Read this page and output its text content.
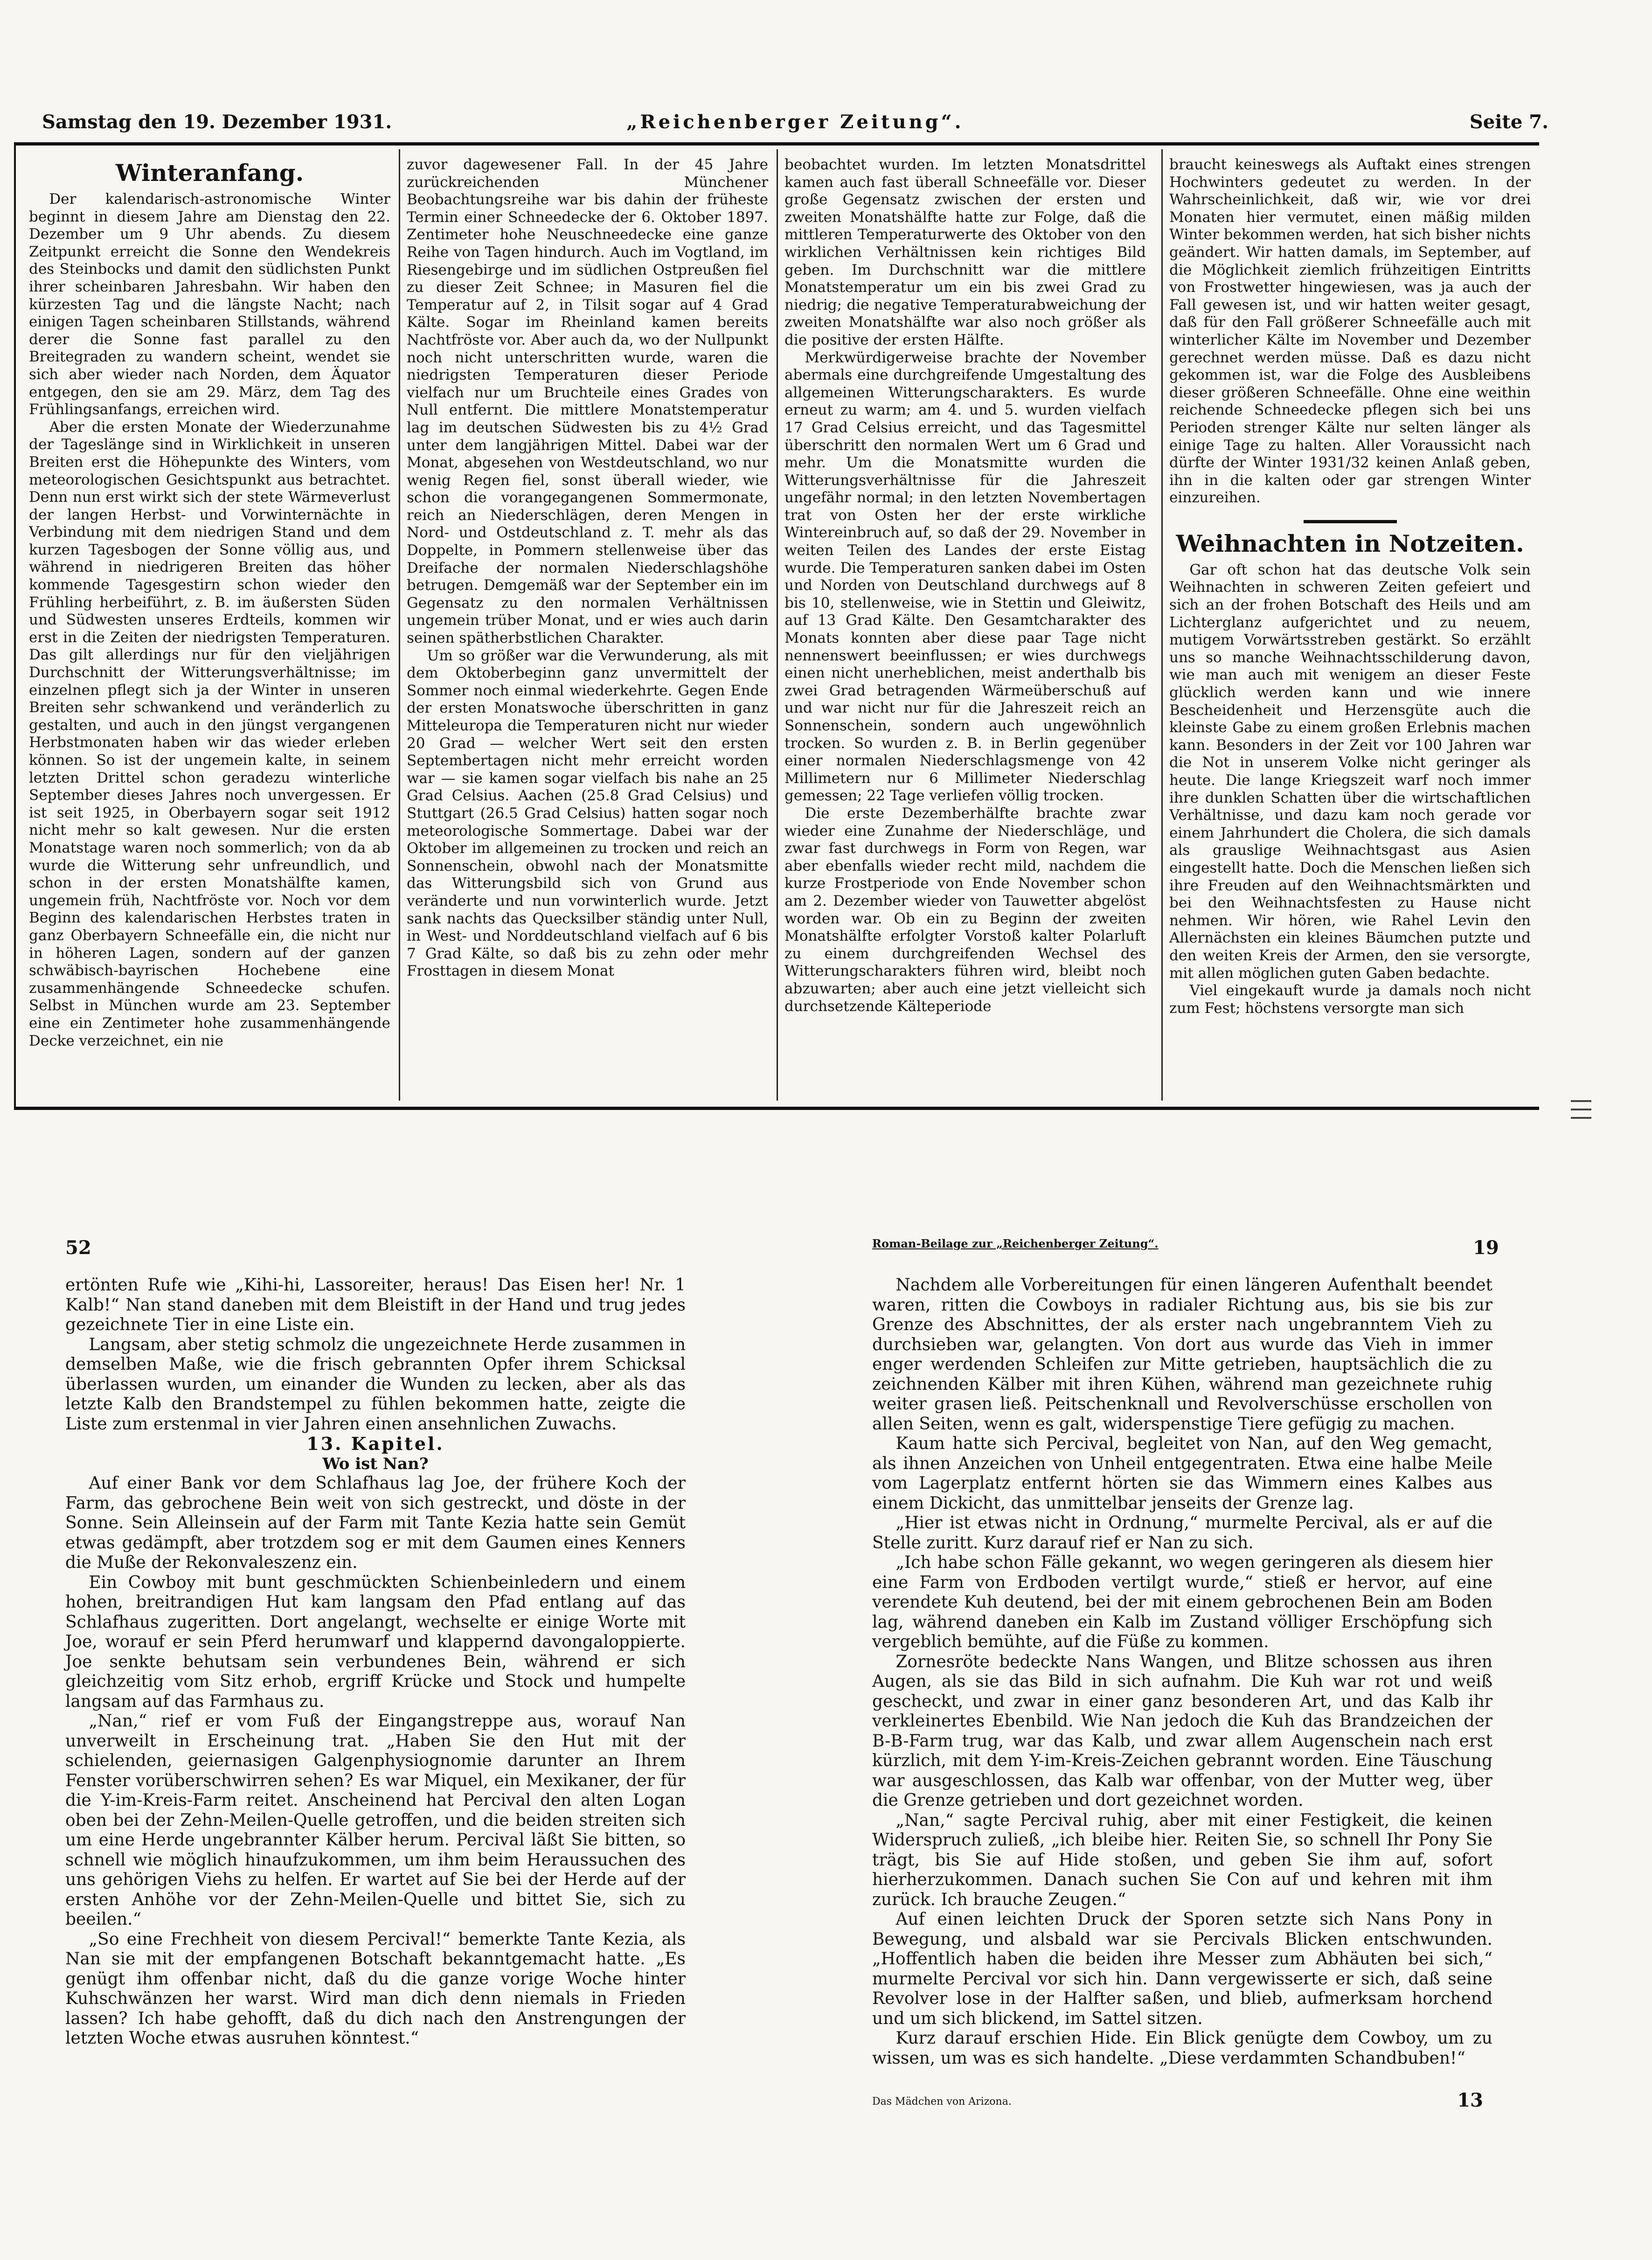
Samstag den 19. Dezember 1931.	„Reichenberger Zeitung“.	Seite 7.
Winteranfang.

Der kalendarisch-astronomische Winter beginnt in diesem Jahre am Dienstag den 22. Dezember um 9 Uhr abends. Zu diesem Zeitpunkt erreicht die Sonne den Wendekreis des Steinbocks und damit den südlichsten Punkt ihrer scheinbaren Jahresbahn. Wir haben den kürzesten Tag und die längste Nacht; nach einigen Tagen scheinbaren Stillstands, während derer die Sonne fast parallel zu den Breitegraden zu wandern scheint, wendet sie sich aber wieder nach Norden, dem Äquator entgegen, den sie am 29. März, dem Tag des Frühlingsanfangs, erreichen wird.

Aber die ersten Monate der Wiederzunahme der Tageslänge sind in Wirklichkeit in unseren Breiten erst die Höhepunkte des Winters, vom meteorologischen Gesichtspunkt aus betrachtet. Denn nun erst wirkt sich der stete Wärmeverlust der langen Herbst- und Vorwinternächte in Verbindung mit dem niedrigen Stand und dem kurzen Tagesbogen der Sonne völlig aus, und während in niedrigeren Breiten das höher kommende Tagesgestirn schon wieder den Frühling herbeiführt, z. B. im äußersten Süden und Südwesten unseres Erdteils, kommen wir erst in die Zeiten der niedrigsten Temperaturen. Das gilt allerdings nur für den vieljährigen Durchschnitt der Witterungsverhältnisse; im einzelnen pflegt sich ja der Winter in unseren Breiten sehr schwankend und veränderlich zu gestalten, und auch in den jüngst vergangenen Herbstmonaten haben wir das wieder erleben können. So ist der ungemein kalte, in seinem letzten Drittel schon geradezu winterliche September dieses Jahres noch unvergessen. Er ist seit 1925, in Oberbayern sogar seit 1912 nicht mehr so kalt gewesen. Nur die ersten Monatstage waren noch sommerlich; von da ab wurde die Witterung sehr unfreundlich, und schon in der ersten Monatshälfte kamen, ungemein früh, Nachtfröste vor. Noch vor dem Beginn des kalendarischen Herbstes traten in ganz Oberbayern Schneefälle ein, die nicht nur in höheren Lagen, sondern auf der ganzen schwäbisch-bayrischen Hochebene eine zusammenhängende Schneedecke schufen. Selbst in München wurde am 23. September eine ein Zentimeter hohe zusammenhängende Decke verzeichnet, ein nie

zuvor dagewesener Fall. In der 45 Jahre zurückreichenden Münchener Beobachtungsreihe war bis dahin der früheste Termin einer Schneedecke der 6. Oktober 1897. Zentimeter hohe Neuschneedecke eine ganze Reihe von Tagen hindurch. Auch im Vogtland, im Riesengebirge und im südlichen Ostpreußen fiel zu dieser Zeit Schnee; in Masuren fiel die Temperatur auf 2, in Tilsit sogar auf 4 Grad Kälte. Sogar im Rheinland kamen bereits Nachtfröste vor. Aber auch da, wo der Nullpunkt noch nicht unterschritten wurde, waren die niedrigsten Temperaturen dieser Periode vielfach nur um Bruchteile eines Grades von Null entfernt. Die mittlere Monatstemperatur lag im deutschen Südwesten bis zu 4½ Grad unter dem langjährigen Mittel. Dabei war der Monat, abgesehen von Westdeutschland, wo nur wenig Regen fiel, sonst überall wieder, wie schon die vorangegangenen Sommermonate, reich an Niederschlägen, deren Mengen in Nord- und Ostdeutschland z. T. mehr als das Doppelte, in Pommern stellenweise über das Dreifache der normalen Niederschlagshöhe betrugen. Demgemäß war der September ein im Gegensatz zu den normalen Verhältnissen ungemein trüber Monat, und er wies auch darin seinen spätherbstlichen Charakter.

Um so größer war die Verwunderung, als mit dem Oktoberbeginn ganz unvermittelt der Sommer noch einmal wiederkehrte. Gegen Ende der ersten Monatswoche überschritten in ganz Mitteleuropa die Temperaturen nicht nur wieder 20 Grad — welcher Wert seit den ersten Septembertagen nicht mehr erreicht worden war — sie kamen sogar vielfach bis nahe an 25 Grad Celsius. Aachen (25.8 Grad Celsius) und Stuttgart (26.5 Grad Celsius) hatten sogar noch meteorologische Sommertage. Dabei war der Oktober im allgemeinen zu trocken und reich an Sonnenschein, obwohl nach der Monatsmitte das Witterungsbild sich von Grund aus veränderte und nun vorwinterlich wurde. Jetzt sank nachts das Quecksilber ständig unter Null, in West- und Norddeutschland vielfach auf 6 bis 7 Grad Kälte, so daß bis zu zehn oder mehr Frosttagen in diesem Monat

beobachtet wurden. Im letzten Monatsdrittel kamen auch fast überall Schneefälle vor. Dieser große Gegensatz zwischen der ersten und zweiten Monatshälfte hatte zur Folge, daß die mittleren Temperaturwerte des Oktober von den wirklichen Verhältnissen kein richtiges Bild geben. Im Durchschnitt war die mittlere Monatstemperatur um ein bis zwei Grad zu niedrig; die negative Temperaturabweichung der zweiten Monatshälfte war also noch größer als die positive der ersten Hälfte.

Merkwürdigerweise brachte der November abermals eine durchgreifende Umgestaltung des allgemeinen Witterungscharakters. Es wurde erneut zu warm; am 4. und 5. wurden vielfach 17 Grad Celsius erreicht, und das Tagesmittel überschritt den normalen Wert um 6 Grad und mehr. Um die Monatsmitte wurden die Witterungsverhältnisse für die Jahreszeit ungefähr normal; in den letzten Novembertagen trat von Osten her der erste wirkliche Wintereinbruch auf, so daß der 29. November in weiten Teilen des Landes der erste Eistag wurde. Die Temperaturen sanken dabei im Osten und Norden von Deutschland durchwegs auf 8 bis 10, stellenweise, wie in Stettin und Gleiwitz, auf 13 Grad Kälte. Den Gesamtcharakter des Monats konnten aber diese paar Tage nicht nennenswert beeinflussen; er wies durchwegs einen nicht unerheblichen, meist anderthalb bis zwei Grad betragenden Wärmeüberschuß auf und war nicht nur für die Jahreszeit reich an Sonnenschein, sondern auch ungewöhnlich trocken. So wurden z. B. in Berlin gegenüber einer normalen Niederschlagsmenge von 42 Millimetern nur 6 Millimeter Niederschlag gemessen; 22 Tage verliefen völlig trocken.

Die erste Dezemberhälfte brachte zwar wieder eine Zunahme der Niederschläge, und zwar fast durchwegs in Form von Regen, war aber ebenfalls wieder recht mild, nachdem die kurze Frostperiode von Ende November schon am 2. Dezember wieder von Tauwetter abgelöst worden war. Ob ein zu Beginn der zweiten Monatshälfte erfolgter Vorstoß kalter Polarluft zu einem durchgreifenden Wechsel des Witterungscharakters führen wird, bleibt noch abzuwarten; aber auch eine jetzt vielleicht sich durchsetzende Kälteperiode

braucht keineswegs als Auftakt eines strengen Hochwinters gedeutet zu werden. In der Wahrscheinlichkeit, daß wir, wie vor drei Monaten hier vermutet, einen mäßig milden Winter bekommen werden, hat sich bisher nichts geändert. Wir hatten damals, im September, auf die Möglichkeit ziemlich frühzeitigen Eintritts von Frostwetter hingewiesen, was ja auch der Fall gewesen ist, und wir hatten weiter gesagt, daß für den Fall größerer Schneefälle auch mit winterlicher Kälte im November und Dezember gerechnet werden müsse. Daß es dazu nicht gekommen ist, war die Folge des Ausbleibens dieser größeren Schneefälle. Ohne eine weithin reichende Schneedecke pflegen sich bei uns Perioden strenger Kälte nur selten länger als einige Tage zu halten. Aller Voraussicht nach dürfte der Winter 1931/32 keinen Anlaß geben, ihn in die kalten oder gar strengen Winter einzureihen.

Weihnachten in Notzeiten.

Gar oft schon hat das deutsche Volk sein Weihnachten in schweren Zeiten gefeiert und sich an der frohen Botschaft des Heils und am Lichterglanz aufgerichtet und zu neuem, mutigem Vorwärtsstreben gestärkt. So erzählt uns so manche Weihnachtsschilderung davon, wie man auch mit wenigem an dieser Feste glücklich werden kann und wie innere Bescheidenheit und Herzensgüte auch die kleinste Gabe zu einem großen Erlebnis machen kann. Besonders in der Zeit vor 100 Jahren war die Not in unserem Volke nicht geringer als heute. Die lange Kriegszeit warf noch immer ihre dunklen Schatten über die wirtschaftlichen Verhältnisse, und dazu kam noch gerade vor einem Jahrhundert die Cholera, die sich damals als grauslige Weihnachtsgast aus Asien eingestellt hatte. Doch die Menschen ließen sich ihre Freuden auf den Weihnachtsmärkten und bei den Weihnachtsfesten zu Hause nicht nehmen. Wir hören, wie Rahel Levin den Allernächsten ein kleines Bäumchen putzte und den weiten Kreis der Armen, den sie versorgte, mit allen möglichen guten Gaben bedachte.

Viel eingekauft wurde ja damals noch nicht zum Fest; höchstens versorgte man sich

52	Roman-Beilage zur „Reichenberger Zeitung“.	19

ertönten Rufe wie „Kihi-hi, Lassoreiter, heraus! Das Eisen her! Nr. 1 Kalb!“ Nan stand daneben mit dem Bleistift in der Hand und trug jedes gezeichnete Tier in eine Liste ein.

Langsam, aber stetig schmolz die ungezeichnete Herde zusammen in demselben Maße, wie die frisch gebrannten Opfer ihrem Schicksal überlassen wurden, um einander die Wunden zu lecken, aber als das letzte Kalb den Brandstempel zu fühlen bekommen hatte, zeigte die Liste zum erstenmal in vier Jahren einen ansehnlichen Zuwachs.

13. Kapitel.

Wo ist Nan?

Auf einer Bank vor dem Schlafhaus lag Joe, der frühere Koch der Farm, das gebrochene Bein weit von sich gestreckt, und döste in der Sonne. Sein Alleinsein auf der Farm mit Tante Kezia hatte sein Gemüt etwas gedämpft, aber trotzdem sog er mit dem Gaumen eines Kenners die Muße der Rekonvaleszenz ein.

Ein Cowboy mit bunt geschmückten Schienbeinledern und einem hohen, breitrandigen Hut kam langsam den Pfad entlang auf das Schlafhaus zugeritten. Dort angelangt, wechselte er einige Worte mit Joe, worauf er sein Pferd herumwarf und klappernd davongaloppierte. Joe senkte behutsam sein verbundenes Bein, während er sich gleichzeitig vom Sitz erhob, ergriff Krücke und Stock und humpelte langsam auf das Farmhaus zu.

„Nan,“ rief er vom Fuß der Eingangstreppe aus, worauf Nan unverweilt in Erscheinung trat. „Haben Sie den Hut mit der schielenden, geiernasigen Galgenphysiognomie darunter an Ihrem Fenster vorüberschwirren sehen? Es war Miquel, ein Mexikaner, der für die Y-im-Kreis-Farm reitet. Anscheinend hat Percival den alten Logan oben bei der Zehn-Meilen-Quelle getroffen, und die beiden streiten sich um eine Herde ungebrannter Kälber herum. Percival läßt Sie bitten, so schnell wie möglich hinaufzukommen, um ihm beim Heraussuchen des uns gehörigen Viehs zu helfen. Er wartet auf Sie bei der Herde auf der ersten Anhöhe vor der Zehn-Meilen-Quelle und bittet Sie, sich zu beeilen.“

„So eine Frechheit von diesem Percival!“ bemerkte Tante Kezia, als Nan sie mit der empfangenen Botschaft bekanntgemacht hatte. „Es genügt ihm offenbar nicht, daß du die ganze vorige Woche hinter Kuhschwänzen her warst. Wird man dich denn niemals in Frieden lassen? Ich habe gehofft, daß du dich nach den Anstrengungen der letzten Woche etwas ausruhen könntest.“

Nachdem alle Vorbereitungen für einen längeren Aufenthalt beendet waren, ritten die Cowboys in radialer Richtung aus, bis sie bis zur Grenze des Abschnittes, der als erster nach ungebranntem Vieh zu durchsieben war, gelangten. Von dort aus wurde das Vieh in immer enger werdenden Schleifen zur Mitte getrieben, hauptsächlich die zu zeichnenden Kälber mit ihren Kühen, während man gezeichnete ruhig weiter grasen ließ. Peitschenknall und Revolverschüsse erschollen von allen Seiten, wenn es galt, widerspenstige Tiere gefügig zu machen.

Kaum hatte sich Percival, begleitet von Nan, auf den Weg gemacht, als ihnen Anzeichen von Unheil entgegentraten. Etwa eine halbe Meile vom Lagerplatz entfernt hörten sie das Wimmern eines Kalbes aus einem Dickicht, das unmittelbar jenseits der Grenze lag.

„Hier ist etwas nicht in Ordnung,“ murmelte Percival, als er auf die Stelle zuritt. Kurz darauf rief er Nan zu sich.

„Ich habe schon Fälle gekannt, wo wegen geringeren als diesem hier eine Farm von Erdboden vertilgt wurde,“ stieß er hervor, auf eine verendete Kuh deutend, bei der mit einem gebrochenen Bein am Boden lag, während daneben ein Kalb im Zustand völliger Erschöpfung sich vergeblich bemühte, auf die Füße zu kommen.

Zornesröte bedeckte Nans Wangen, und Blitze schossen aus ihren Augen, als sie das Bild in sich aufnahm. Die Kuh war rot und weiß gescheckt, und zwar in einer ganz besonderen Art, und das Kalb ihr verkleinertes Ebenbild. Wie Nan jedoch die Kuh das Brandzeichen der B-B-Farm trug, war das Kalb, und zwar allem Augenschein nach erst kürzlich, mit dem Y-im-Kreis-Zeichen gebrannt worden. Eine Täuschung war ausgeschlossen, das Kalb war offenbar, von der Mutter weg, über die Grenze getrieben und dort gezeichnet worden.

„Nan,“ sagte Percival ruhig, aber mit einer Festigkeit, die keinen Widerspruch zuließ, „ich bleibe hier. Reiten Sie, so schnell Ihr Pony Sie trägt, bis Sie auf Hide stoßen, und geben Sie ihm auf, sofort hierherzukommen. Danach suchen Sie Con auf und kehren mit ihm zurück. Ich brauche Zeugen.“

Auf einen leichten Druck der Sporen setzte sich Nans Pony in Bewegung, und alsbald war sie Percivals Blicken entschwunden. „Hoffentlich haben die beiden ihre Messer zum Abhäuten bei sich,“ murmelte Percival vor sich hin. Dann vergewisserte er sich, daß seine Revolver lose in der Halfter saßen, und blieb, aufmerksam horchend und um sich blickend, im Sattel sitzen.

Kurz darauf erschien Hide. Ein Blick genügte dem Cowboy, um zu wissen, um was es sich handelte. „Diese verdammten Schandbuben!“

Das Mädchen von Arizona.	13
